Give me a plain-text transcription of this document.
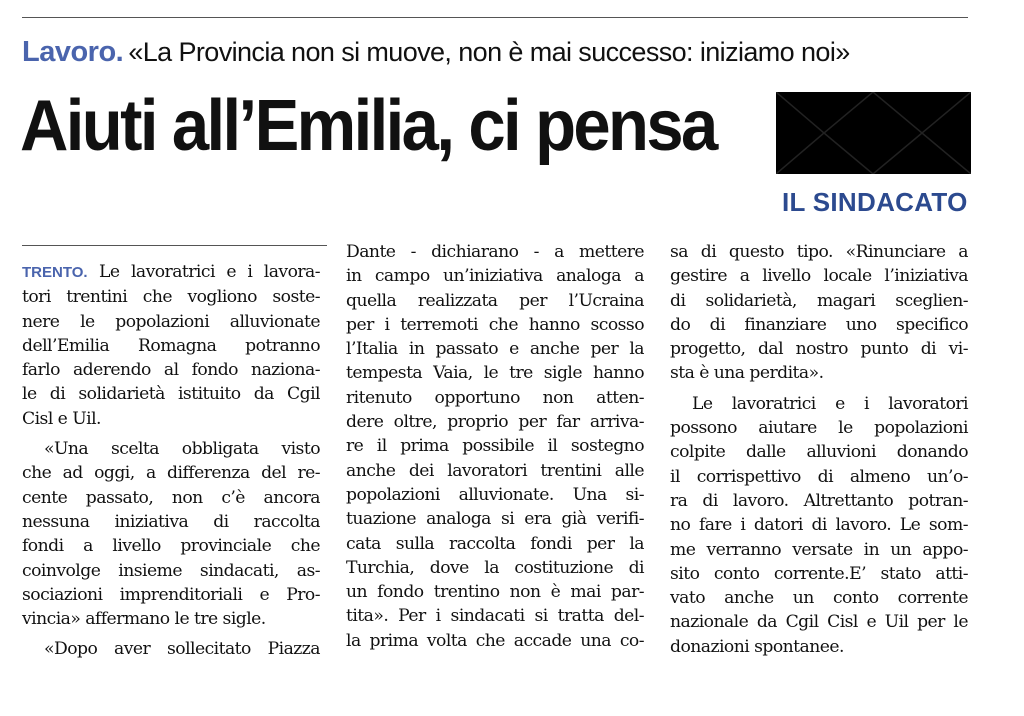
Lavoro. «La Provincia non si muove, non è mai successo: iniziamo noi»
Aiuti all’Emilia, ci pensa
IL SINDACATO

TRENTO. Le lavoratrici e i lavora-

tori trentini che vogliono soste-

nere le popolazioni alluvionate

dell’Emilia Romagna potranno

farlo aderendo al fondo naziona-

le di solidarietà istituito da Cgil

Cisl e Uil.

«Una scelta obbligata visto

che ad oggi, a differenza del re-

cente passato, non c’è ancora

nessuna iniziativa di raccolta

fondi a livello provinciale che

coinvolge insieme sindacati, as-

sociazioni imprenditoriali e Pro-

vincia» affermano le tre sigle.

«Dopo aver sollecitato Piazza

Dante - dichiarano - a mettere

in campo un’iniziativa analoga a

quella realizzata per l’Ucraina

per i terremoti che hanno scosso

l’Italia in passato e anche per la

tempesta Vaia, le tre sigle hanno

ritenuto opportuno non atten-

dere oltre, proprio per far arriva-

re il prima possibile il sostegno

anche dei lavoratori trentini alle

popolazioni alluvionate. Una si-

tuazione analoga si era già verifi-

cata sulla raccolta fondi per la

Turchia, dove la costituzione di

un fondo trentino non è mai par-

tita». Per i sindacati si tratta del-

la prima volta che accade una co-

sa di questo tipo. «Rinunciare a

gestire a livello locale l’iniziativa

di solidarietà, magari sceglien-

do di finanziare uno specifico

progetto, dal nostro punto di vi-

sta è una perdita».

Le lavoratrici e i lavoratori

possono aiutare le popolazioni

colpite dalle alluvioni donando

il corrispettivo di almeno un’o-

ra di lavoro. Altrettanto potran-

no fare i datori di lavoro. Le som-

me verranno versate in un appo-

sito conto corrente.E’ stato atti-

vato anche un conto corrente

nazionale da Cgil Cisl e Uil per le

donazioni spontanee.
